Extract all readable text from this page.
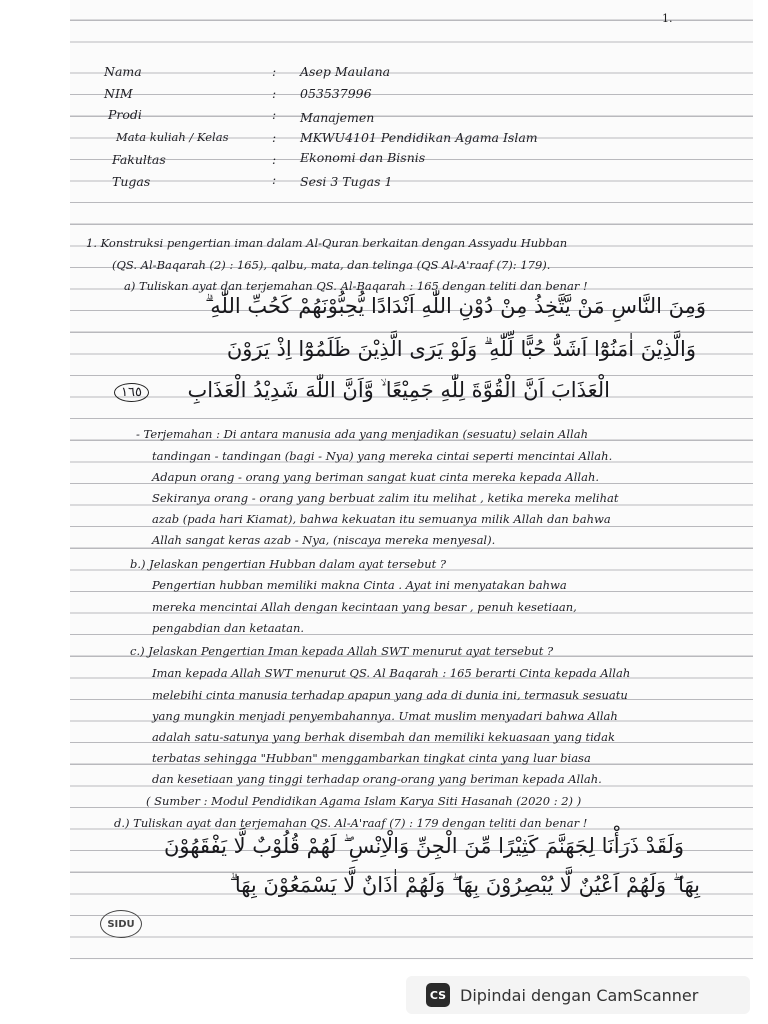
1.
Nama	: Asep Maulana
NIM	: 053537996
Prodi	: Manajemen
Mata kuliah / Kelas	: MKWU4101 Pendidikan Agama Islam
Fakultas	: Ekonomi dan Bisnis
Tugas	: Sesi 3 Tugas 1
1. Konstruksi pengertian iman dalam Al-Quran berkaitan dengan Assyadu Hubban
(QS. Al-Baqarah (2) : 165), qalbu, mata, dan telinga (QS Al-A'raaf (7): 179).
a) Tuliskan ayat dan terjemahan QS. Al-Baqarah : 165 dengan teliti dan benar !
وَمِنَ النَّاسِ مَنْ يَّتَّخِذُ مِنْ دُوْنِ اللّٰهِ اَنْدَادًا يُّحِبُّوْنَهُمْ كَحُبِّ اللّٰهِ ۗ
وَالَّذِيْنَ اٰمَنُوْٓا اَشَدُّ حُبًّا لِّلّٰهِ ۗ وَلَوْ يَرَى الَّذِيْنَ ظَلَمُوْٓا اِذْ يَرَوْنَ
الْعَذَابَ اَنَّ الْقُوَّةَ لِلّٰهِ جَمِيْعًا ۙ وَّاَنَّ اللّٰهَ شَدِيْدُ الْعَذَابِ
١٦٥
- Terjemahan : Di antara manusia ada yang menjadikan (sesuatu) selain Allah
tandingan - tandingan (bagi - Nya) yang mereka cintai seperti mencintai Allah.
Adapun orang - orang yang beriman sangat kuat cinta mereka kepada Allah.
Sekiranya orang - orang yang berbuat zalim itu melihat , ketika mereka melihat
azab (pada hari Kiamat), bahwa kekuatan itu semuanya milik Allah dan bahwa
Allah sangat keras azab - Nya, (niscaya mereka menyesal).
b.) Jelaskan pengertian Hubban dalam ayat tersebut ?
Pengertian hubban memiliki makna Cinta . Ayat ini menyatakan bahwa
mereka mencintai Allah dengan kecintaan yang besar , penuh kesetiaan,
pengabdian dan ketaatan.
c.) Jelaskan Pengertian Iman kepada Allah SWT menurut ayat tersebut ?
Iman kepada Allah SWT menurut QS. Al Baqarah : 165 berarti Cinta kepada Allah
melebihi cinta manusia terhadap apapun yang ada di dunia ini, termasuk sesuatu
yang mungkin menjadi penyembahannya. Umat muslim menyadari bahwa Allah
adalah satu-satunya yang berhak disembah dan memiliki kekuasaan yang tidak
terbatas sehingga "Hubban" menggambarkan tingkat cinta yang luar biasa
dan kesetiaan yang tinggi terhadap orang-orang yang beriman kepada Allah.
( Sumber : Modul Pendidikan Agama Islam Karya Siti Hasanah (2020 : 2) )
d.) Tuliskan ayat dan terjemahan QS. Al-A'raaf (7) : 179 dengan teliti dan benar !
وَلَقَدْ ذَرَأْنَا لِجَهَنَّمَ كَثِيْرًا مِّنَ الْجِنِّ وَالْاِنْسِ ۖ لَهُمْ قُلُوْبٌ لَّا يَفْقَهُوْنَ
بِهَا ۖ وَلَهُمْ اَعْيُنٌ لَّا يُبْصِرُوْنَ بِهَا ۖ وَلَهُمْ اٰذَانٌ لَّا يَسْمَعُوْنَ بِهَا ۗ
SIDU
CS Dipindai dengan CamScanner
